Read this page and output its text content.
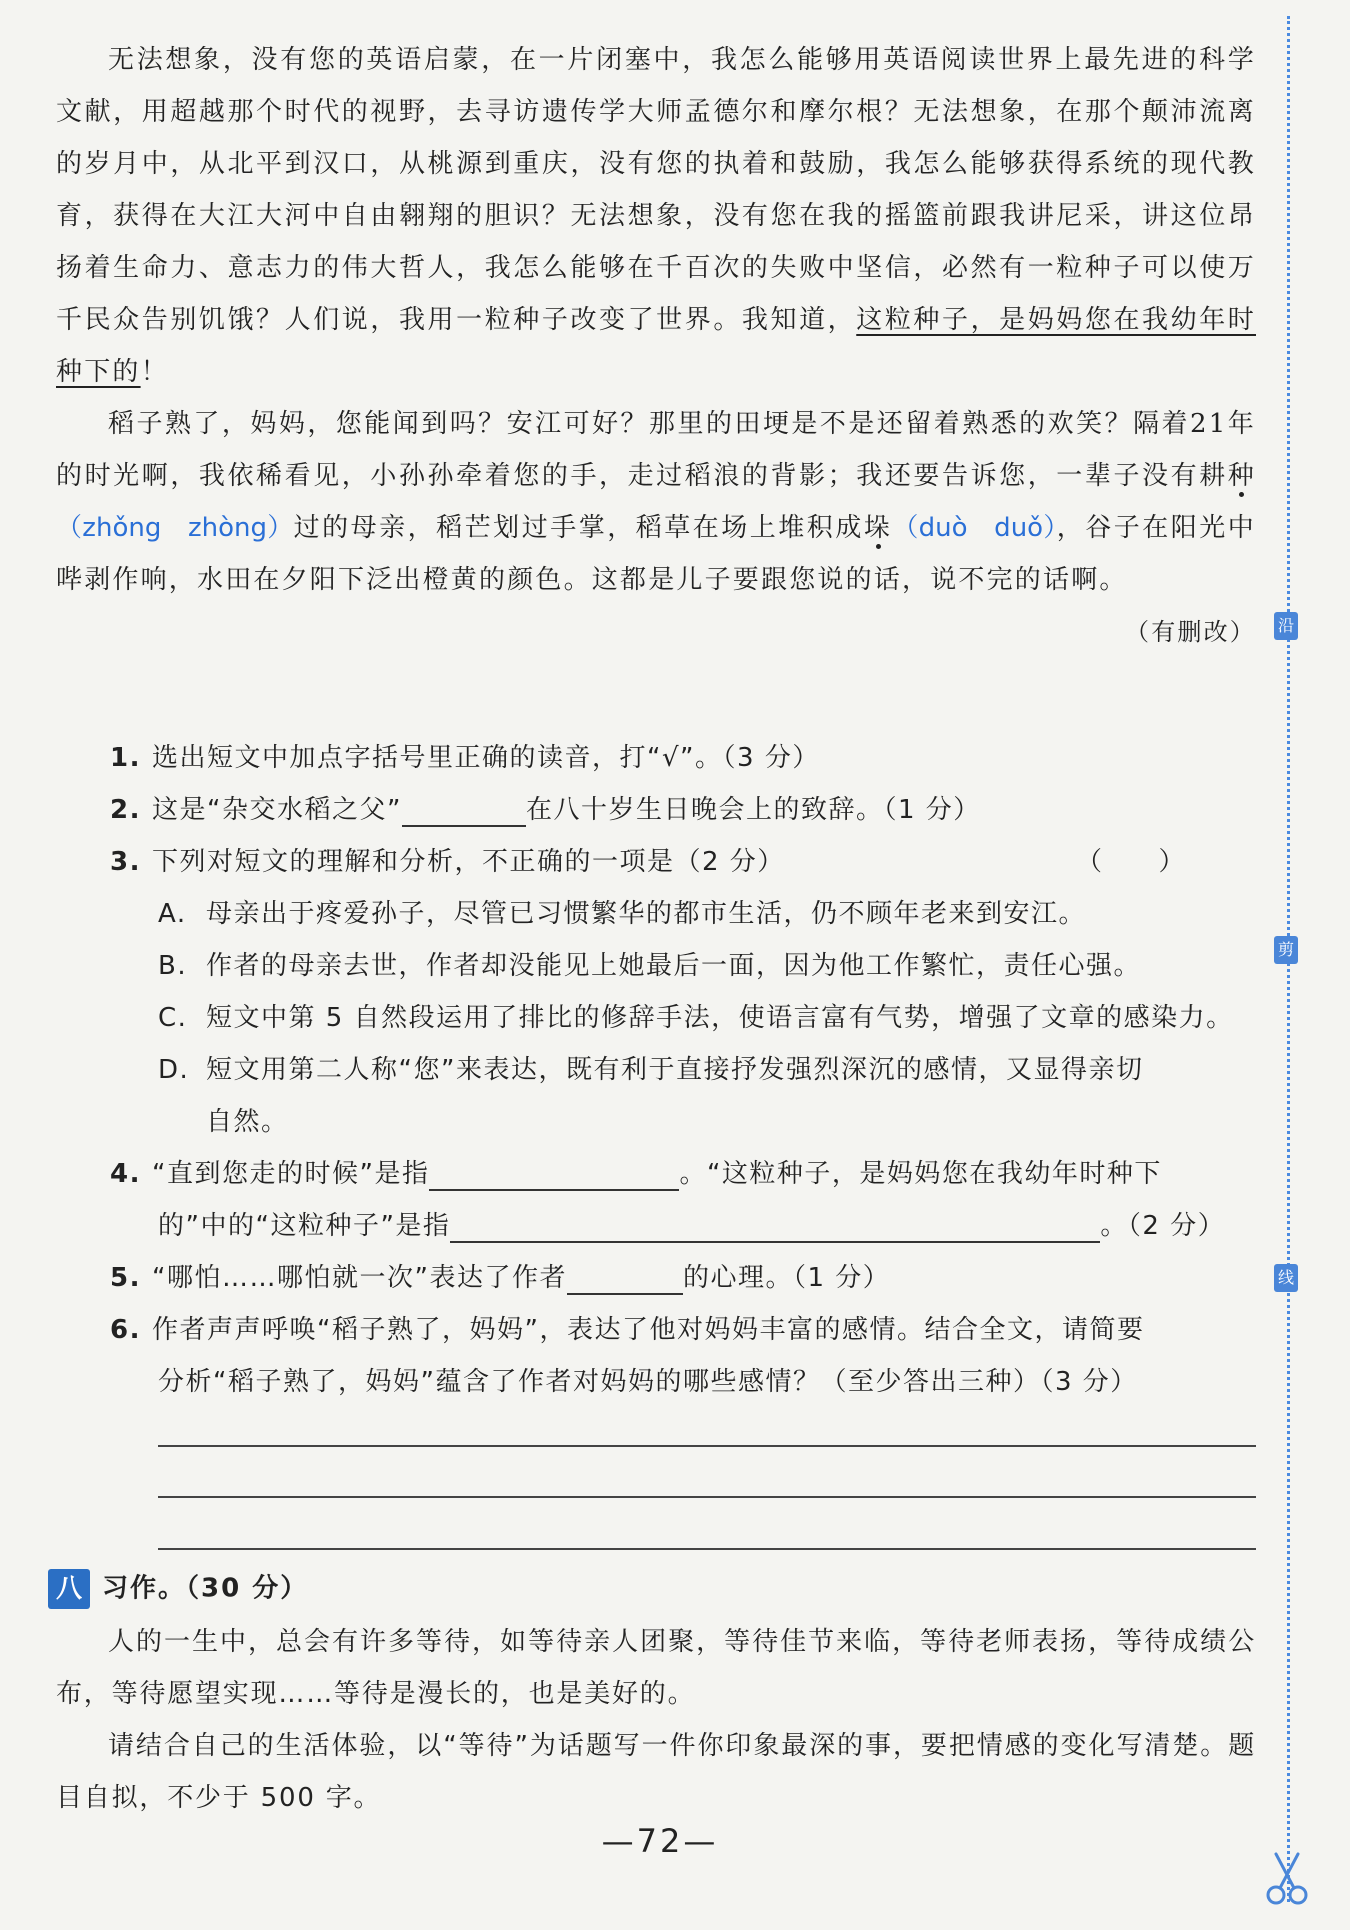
无法想象，没有您的英语启蒙，在一片闭塞中，我怎么能够用英语阅读世界上最先进的科学文献，用超越那个时代的视野，去寻访遗传学大师孟德尔和摩尔根？无法想象，在那个颠沛流离的岁月中，从北平到汉口，从桃源到重庆，没有您的执着和鼓励，我怎么能够获得系统的现代教育，获得在大江大河中自由翱翔的胆识？无法想象，没有您在我的摇篮前跟我讲尼采，讲这位昂扬着生命力、意志力的伟大哲人，我怎么能够在千百次的失败中坚信，必然有一粒种子可以使万千民众告别饥饿？人们说，我用一粒种子改变了世界。我知道，这粒种子，是妈妈您在我幼年时种下的！

稻子熟了，妈妈，您能闻到吗？安江可好？那里的田埂是不是还留着熟悉的欢笑？隔着21年的时光啊，我依稀看见，小孙孙牵着您的手，走过稻浪的背影；我还要告诉您，一辈子没有耕种（zhǒng　zhòng）过的母亲，稻芒划过手掌，稻草在场上堆积成垛（duò　duǒ），谷子在阳光中哔剥作响，水田在夕阳下泛出橙黄的颜色。这都是儿子要跟您说的话，说不完的话啊。

（有删改）
1. 选出短文中加点字括号里正确的读音，打“√”。（3 分）
2. 这是“杂交水稻之父”	在八十岁生日晚会上的致辞。（1 分）
3. 下列对短文的理解和分析，不正确的一项是（2 分）	（　　）
A. 母亲出于疼爱孙子，尽管已习惯繁华的都市生活，仍不顾年老来到安江。
B. 作者的母亲去世，作者却没能见上她最后一面，因为他工作繁忙，责任心强。
C. 短文中第 5 自然段运用了排比的修辞手法，使语言富有气势，增强了文章的感染力。
D. 短文用第二人称“您”来表达，既有利于直接抒发强烈深沉的感情，又显得亲切
自然。
4. “直到您走的时候”是指	。“这粒种子，是妈妈您在我幼年时种下
的”中的“这粒种子”是指	。（2 分）
5. “哪怕……哪怕就一次”表达了作者	的心理。（1 分）
6. 作者声声呼唤“稻子熟了，妈妈”，表达了他对妈妈丰富的感情。结合全文，请简要
分析“稻子熟了，妈妈”蕴含了作者对妈妈的哪些感情？（至少答出三种）（3 分）
八 习作。（30 分）

人的一生中，总会有许多等待，如等待亲人团聚，等待佳节来临，等待老师表扬，等待成绩公布，等待愿望实现……等待是漫长的，也是美好的。

请结合自己的生活体验，以“等待”为话题写一件你印象最深的事，要把情感的变化写清楚。题目自拟，不少于 500 字。

—72—
沿
剪
线
